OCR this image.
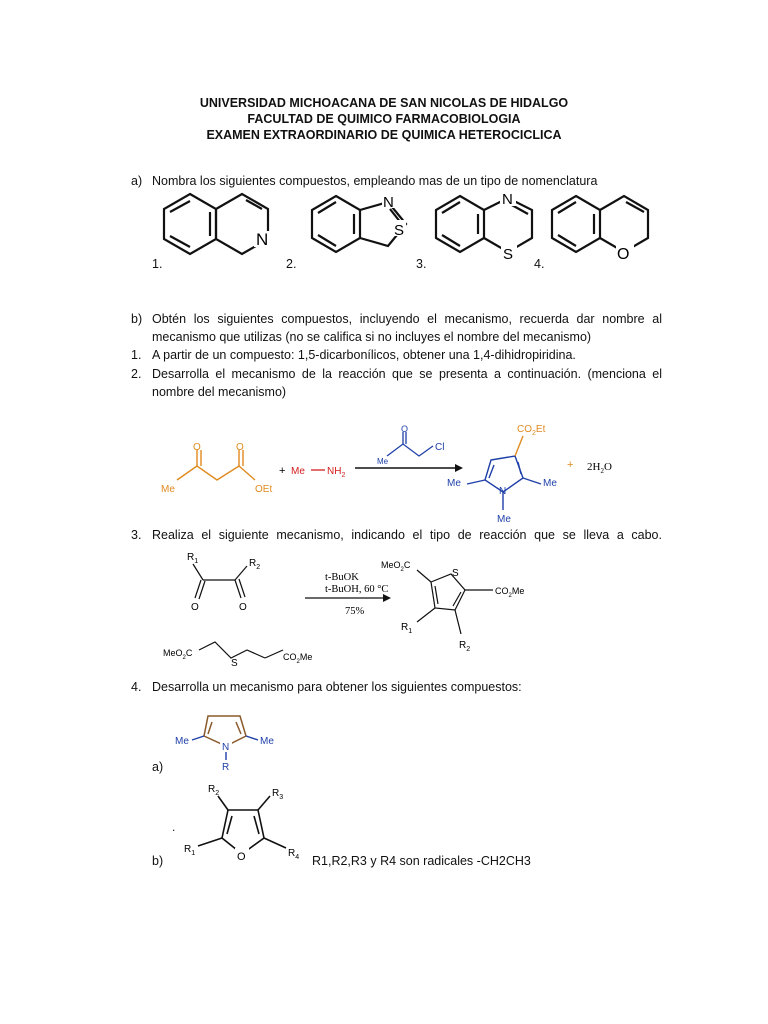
UNIVERSIDAD MICHOACANA DE SAN NICOLAS DE HIDALGO
FACULTAD DE QUIMICO FARMACOBIOLOGIA
EXAMEN EXTRAORDINARIO DE QUIMICA HETEROCICLICA
a) Nombra los siguientes compuestos, empleando mas de un tipo de nomenclatura
N
N
S
N
S	O
1.	2.	3.	4.
b) Obtén los siguientes compuestos, incluyendo el mecanismo, recuerda dar nombre al
mecanismo que utilizas (no se califica si no incluyes el nombre del mecanismo)
1. A partir de un compuesto: 1,5-dicarbonílicos, obtener una 1,4-dihidropiridina.
2. Desarrolla el mecanismo de la reacción que se presenta a continuación. (menciona el
nombre del mecanismo)
O	O
Me	OEt
+ Me $NH_2$
O
Me
Cl
$CO_2Et$
N
Me	Me
Me
+ $2H_2O$
3. Realiza el siguiente mecanismo, indicando el tipo de reacción que se lleva a cabo.
$R_1$	$R_2$
O	O
MeO$_2$C
S
$CO_2Me$
t-BuOK
t-BuOH, 60 °C
75%
MeO$_2$C
S
$CO_2Me$
$R_1$
$R_2$
4. Desarrolla un mecanismo para obtener los siguientes compuestos:
N
Me	Me
R
a)
O
$R_2$	$R_3$
$R_1$	$R_4$
.
b)	R1,R2,R3 y R4 son radicales -CH2CH3
